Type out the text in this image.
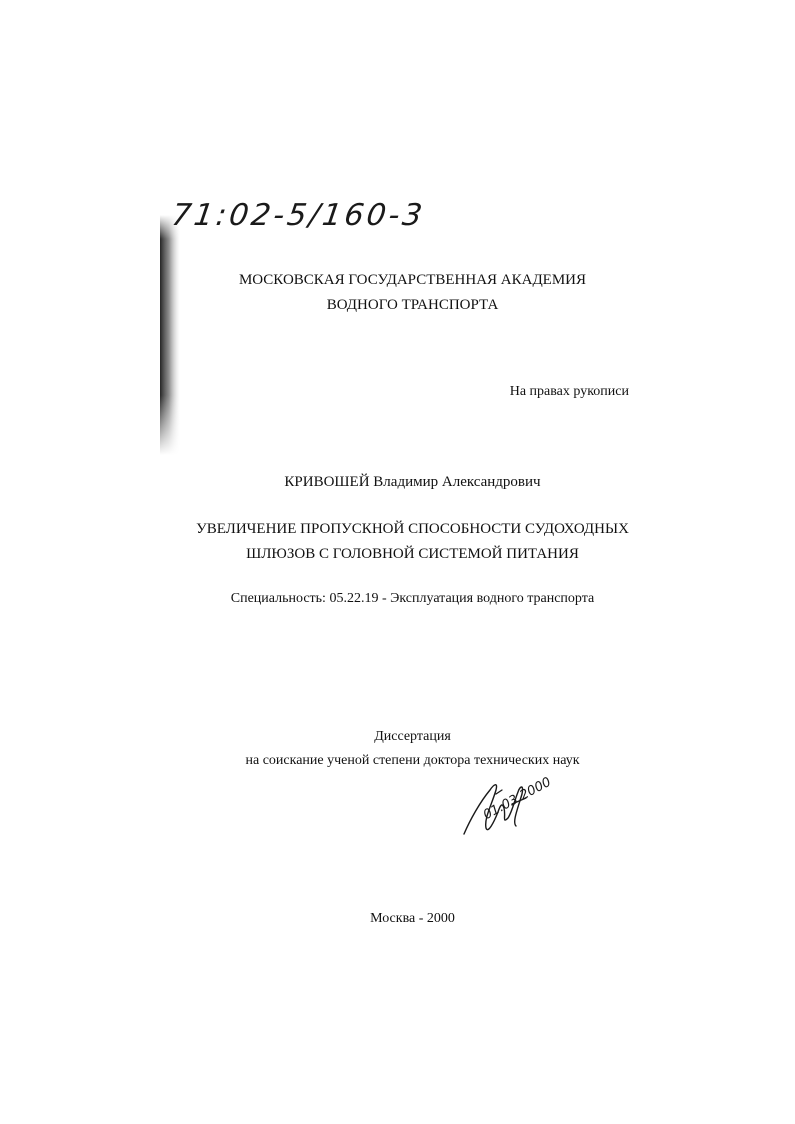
71:02-5/160-3
МОСКОВСКАЯ ГОСУДАРСТВЕННАЯ АКАДЕМИЯ
ВОДНОГО ТРАНСПОРТА
На правах рукописи
КРИВОШЕЙ Владимир Александрович
УВЕЛИЧЕНИЕ ПРОПУСКНОЙ СПОСОБНОСТИ СУДОХОДНЫХ
ШЛЮЗОВ С ГОЛОВНОЙ СИСТЕМОЙ ПИТАНИЯ
Специальность: 05.22.19 - Эксплуатация водного транспорта
Диссертация
на соискание ученой степени доктора технических наук
01.03.2000
Москва - 2000
